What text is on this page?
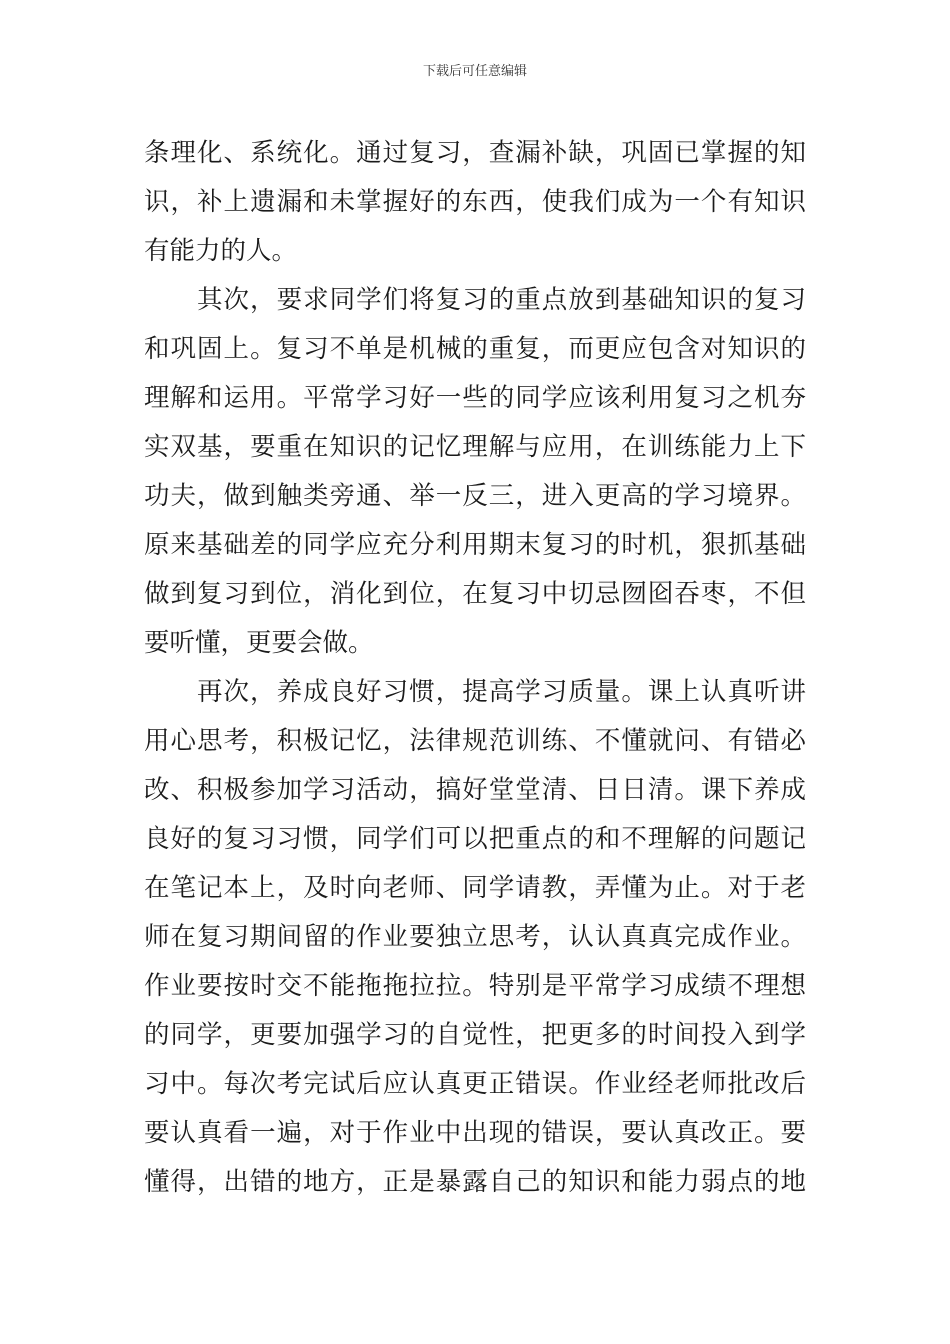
下载后可任意编辑
条理化、系统化。通过复习，查漏补缺，巩固已掌握的知
识，补上遗漏和未掌握好的东西，使我们成为一个有知识
有能力的人。
其次，要求同学们将复习的重点放到基础知识的复习
和巩固上。复习不单是机械的重复，而更应包含对知识的
理解和运用。平常学习好一些的同学应该利用复习之机夯
实双基，要重在知识的记忆理解与应用，在训练能力上下
功夫，做到触类旁通、举一反三，进入更高的学习境界。
原来基础差的同学应充分利用期末复习的时机，狠抓基础
做到复习到位，消化到位，在复习中切忌囫囵吞枣，不但
要听懂，更要会做。
再次，养成良好习惯，提高学习质量。课上认真听讲
用心思考，积极记忆，法律规范训练、不懂就问、有错必
改、积极参加学习活动，搞好堂堂清、日日清。课下养成
良好的复习习惯，同学们可以把重点的和不理解的问题记
在笔记本上，及时向老师、同学请教，弄懂为止。对于老
师在复习期间留的作业要独立思考，认认真真完成作业。
作业要按时交不能拖拖拉拉。特别是平常学习成绩不理想
的同学，更要加强学习的自觉性，把更多的时间投入到学
习中。每次考完试后应认真更正错误。作业经老师批改后
要认真看一遍，对于作业中出现的错误，要认真改正。要
懂得，出错的地方，正是暴露自己的知识和能力弱点的地
